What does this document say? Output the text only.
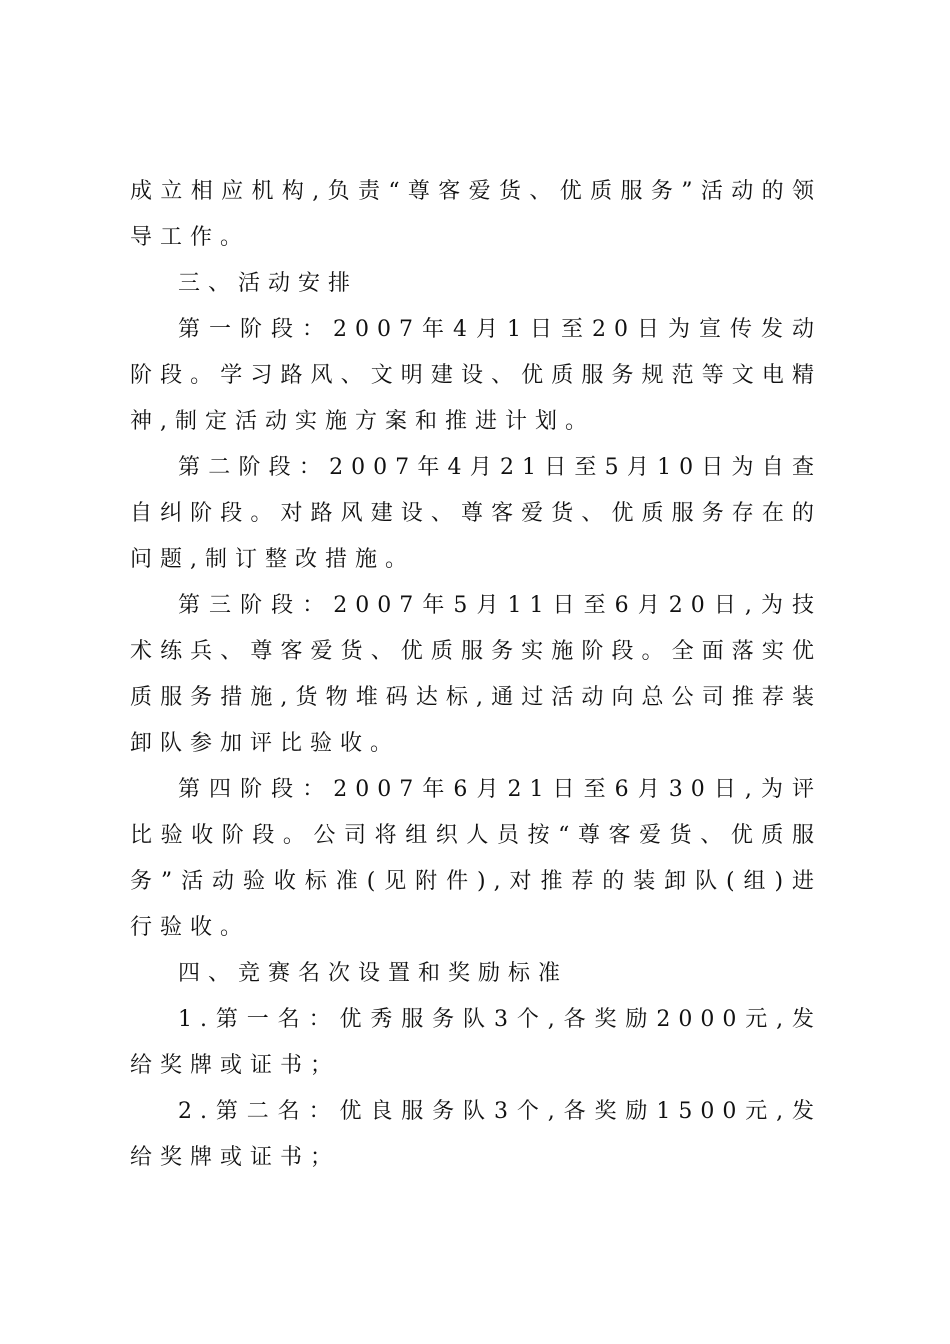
成立相应机构,负责“尊客爱货、优质服务”活动的领导工作。

三、活动安排

第一阶段：2007年4月1日至20日为宣传发动阶段。学习路风、文明建设、优质服务规范等文电精神,制定活动实施方案和推进计划。

第二阶段：2007年4月21日至5月10日为自查自纠阶段。对路风建设、尊客爱货、优质服务存在的问题,制订整改措施。

第三阶段：2007年5月11日至6月20日,为技术练兵、尊客爱货、优质服务实施阶段。全面落实优质服务措施,货物堆码达标,通过活动向总公司推荐装卸队参加评比验收。

第四阶段：2007年6月21日至6月30日,为评比验收阶段。公司将组织人员按“尊客爱货、优质服务”活动验收标准(见附件),对推荐的装卸队(组)进行验收。

四、竞赛名次设置和奖励标准

1.第一名：优秀服务队3个,各奖励2000元,发给奖牌或证书；

2.第二名：优良服务队3个,各奖励1500元,发给奖牌或证书；
